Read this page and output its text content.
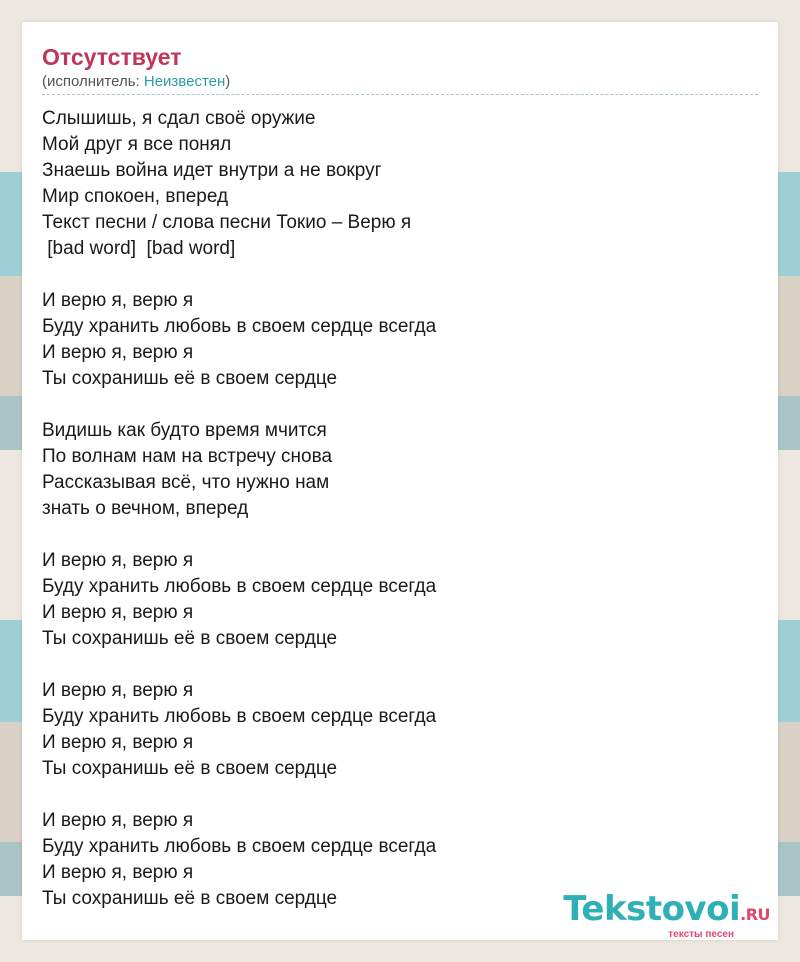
Отсутствует
(исполнитель: Неизвестен)
Слышишь, я сдал своё оружие
Мой друг я все понял
Знаешь война идет внутри а не вокруг
Мир спокоен, вперед
Текст песни / слова песни Токио – Верю я
[bad word]  [bad word]
И верю я, верю я
Буду хранить любовь в своем сердце всегда
И верю я, верю я
Ты сохранишь её в своем сердце
Видишь как будто время мчится
По волнам нам на встречу снова
Рассказывая всё, что нужно нам
знать о вечном, вперед
И верю я, верю я
Буду хранить любовь в своем сердце всегда
И верю я, верю я
Ты сохранишь её в своем сердце
И верю я, верю я
Буду хранить любовь в своем сердце всегда
И верю я, верю я
Ты сохранишь её в своем сердце
И верю я, верю я
Буду хранить любовь в своем сердце всегда
И верю я, верю я
Ты сохранишь её в своем сердце	Tekstovoi.RU
тексты песен
